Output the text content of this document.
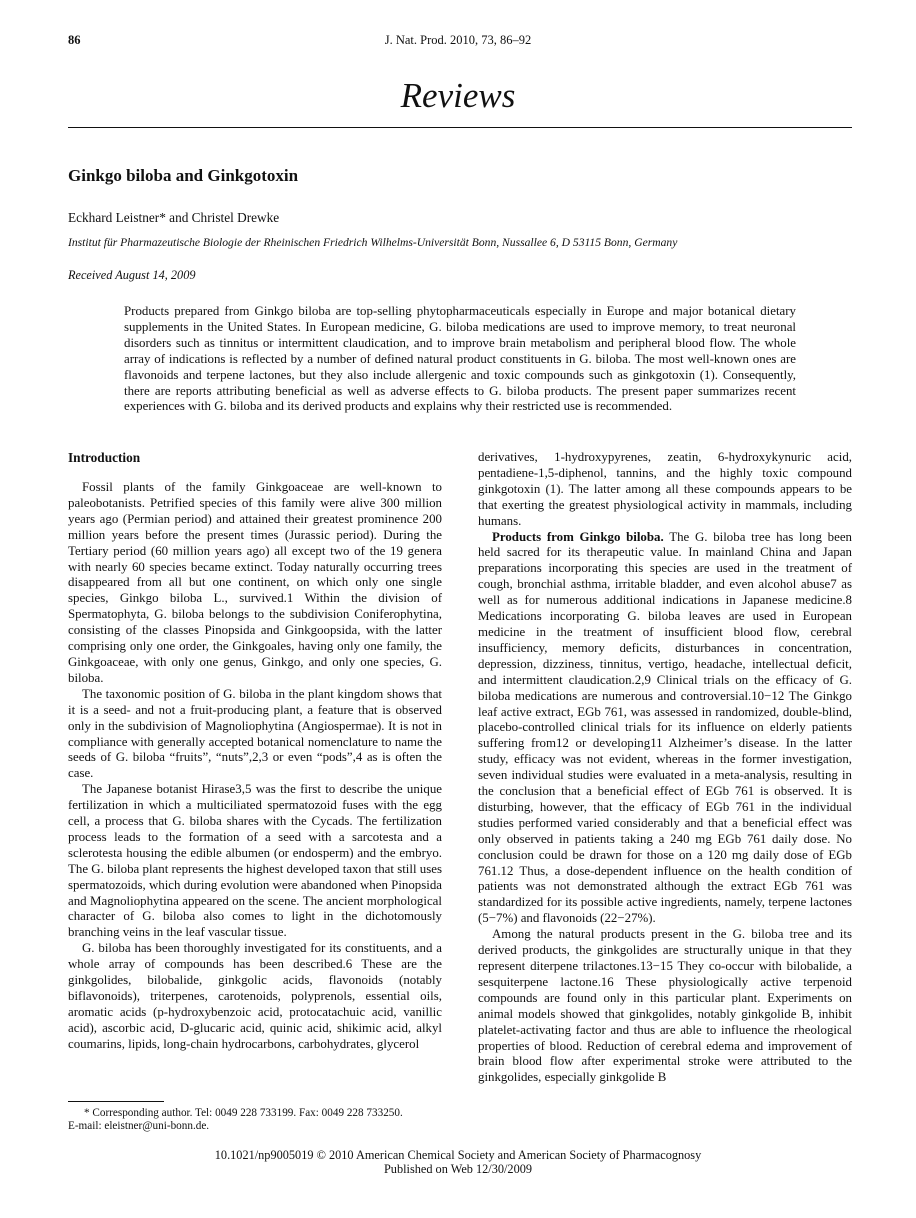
86	J. Nat. Prod. 2010, 73, 86–92
Reviews
Ginkgo biloba and Ginkgotoxin
Eckhard Leistner* and Christel Drewke
Institut für Pharmazeutische Biologie der Rheinischen Friedrich Wilhelms-Universität Bonn, Nussallee 6, D 53115 Bonn, Germany
Received August 14, 2009
Products prepared from Ginkgo biloba are top-selling phytopharmaceuticals especially in Europe and major botanical dietary supplements in the United States. In European medicine, G. biloba medications are used to improve memory, to treat neuronal disorders such as tinnitus or intermittent claudication, and to improve brain metabolism and peripheral blood flow. The whole array of indications is reflected by a number of defined natural product constituents in G. biloba. The most well-known ones are flavonoids and terpene lactones, but they also include allergenic and toxic compounds such as ginkgotoxin (1). Consequently, there are reports attributing beneficial as well as adverse effects to G. biloba products. The present paper summarizes recent experiences with G. biloba and its derived products and explains why their restricted use is recommended.
Introduction

Fossil plants of the family Ginkgoaceae are well-known to paleobotanists. Petrified species of this family were alive 300 million years ago (Permian period) and attained their greatest prominence 200 million years before the present times (Jurassic period). During the Tertiary period (60 million years ago) all except two of the 19 genera with nearly 60 species became extinct. Today naturally occurring trees disappeared from all but one continent, on which only one single species, Ginkgo biloba L., survived.1 Within the division of Spermatophyta, G. biloba belongs to the subdivision Coniferophytina, consisting of the classes Pinopsida and Ginkgoopsida, with the latter comprising only one order, the Ginkgoales, having only one family, the Ginkgoaceae, with only one genus, Ginkgo, and only one species, G. biloba.

The taxonomic position of G. biloba in the plant kingdom shows that it is a seed- and not a fruit-producing plant, a feature that is observed only in the subdivision of Magnoliophytina (Angiospermae). It is not in compliance with generally accepted botanical nomenclature to name the seeds of G. biloba “fruits”, “nuts”,2,3 or even “pods”,4 as is often the case.

The Japanese botanist Hirase3,5 was the first to describe the unique fertilization in which a multiciliated spermatozoid fuses with the egg cell, a process that G. biloba shares with the Cycads. The fertilization process leads to the formation of a seed with a sarcotesta and a sclerotesta housing the edible albumen (or endosperm) and the embryo. The G. biloba plant represents the highest developed taxon that still uses spermatozoids, which during evolution were abandoned when Pinopsida and Magnoliophytina appeared on the scene. The ancient morphological character of G. biloba also comes to light in the dichotomously branching veins in the leaf vascular tissue.

G. biloba has been thoroughly investigated for its constituents, and a whole array of compounds has been described.6 These are the ginkgolides, bilobalide, ginkgolic acids, flavonoids (notably biflavonoids), triterpenes, carotenoids, polyprenols, essential oils, aromatic acids (p-hydroxybenzoic acid, protocatachuic acid, vanillic acid), ascorbic acid, D-glucaric acid, quinic acid, shikimic acid, alkyl coumarins, lipids, long-chain hydrocarbons, carbohydrates, glycerol

derivatives, 1-hydroxypyrenes, zeatin, 6-hydroxykynuric acid, pentadiene-1,5-diphenol, tannins, and the highly toxic compound ginkgotoxin (1). The latter among all these compounds appears to be that exerting the greatest physiological activity in mammals, including humans.

Products from Ginkgo biloba. The G. biloba tree has long been held sacred for its therapeutic value. In mainland China and Japan preparations incorporating this species are used in the treatment of cough, bronchial asthma, irritable bladder, and even alcohol abuse7 as well as for numerous additional indications in Japanese medicine.8 Medications incorporating G. biloba leaves are used in European medicine in the treatment of insufficient blood flow, cerebral insufficiency, memory deficits, disturbances in concentration, depression, dizziness, tinnitus, vertigo, headache, intellectual deficit, and intermittent claudication.2,9 Clinical trials on the efficacy of G. biloba medications are numerous and controversial.10−12 The Ginkgo leaf active extract, EGb 761, was assessed in randomized, double-blind, placebo-controlled clinical trials for its influence on elderly patients suffering from12 or developing11 Alzheimer’s disease. In the latter study, efficacy was not evident, whereas in the former investigation, seven individual studies were evaluated in a meta-analysis, resulting in the conclusion that a beneficial effect of EGb 761 is observed. It is disturbing, however, that the efficacy of EGb 761 in the individual studies performed varied considerably and that a beneficial effect was only observed in patients taking a 240 mg EGb 761 daily dose. No conclusion could be drawn for those on a 120 mg daily dose of EGb 761.12 Thus, a dose-dependent influence on the health condition of patients was not demonstrated although the extract EGb 761 was standardized for its possible active ingredients, namely, terpene lactones (5−7%) and flavonoids (22−27%).

Among the natural products present in the G. biloba tree and its derived products, the ginkgolides are structurally unique in that they represent diterpene trilactones.13−15 They co-occur with bilobalide, a sesquiterpene lactone.16 These physiologically active terpenoid compounds are found only in this particular plant. Experiments on animal models showed that ginkgolides, notably ginkgolide B, inhibit platelet-activating factor and thus are able to influence the rheological properties of blood. Reduction of cerebral edema and improvement of brain blood flow after experimental stroke were attributed to the ginkgolides, especially ginkgolide B

* Corresponding author. Tel: 0049 228 733199. Fax: 0049 228 733250.
E-mail: eleistner@uni-bonn.de.
10.1021/np9005019 © 2010 American Chemical Society and American Society of Pharmacognosy
Published on Web 12/30/2009
